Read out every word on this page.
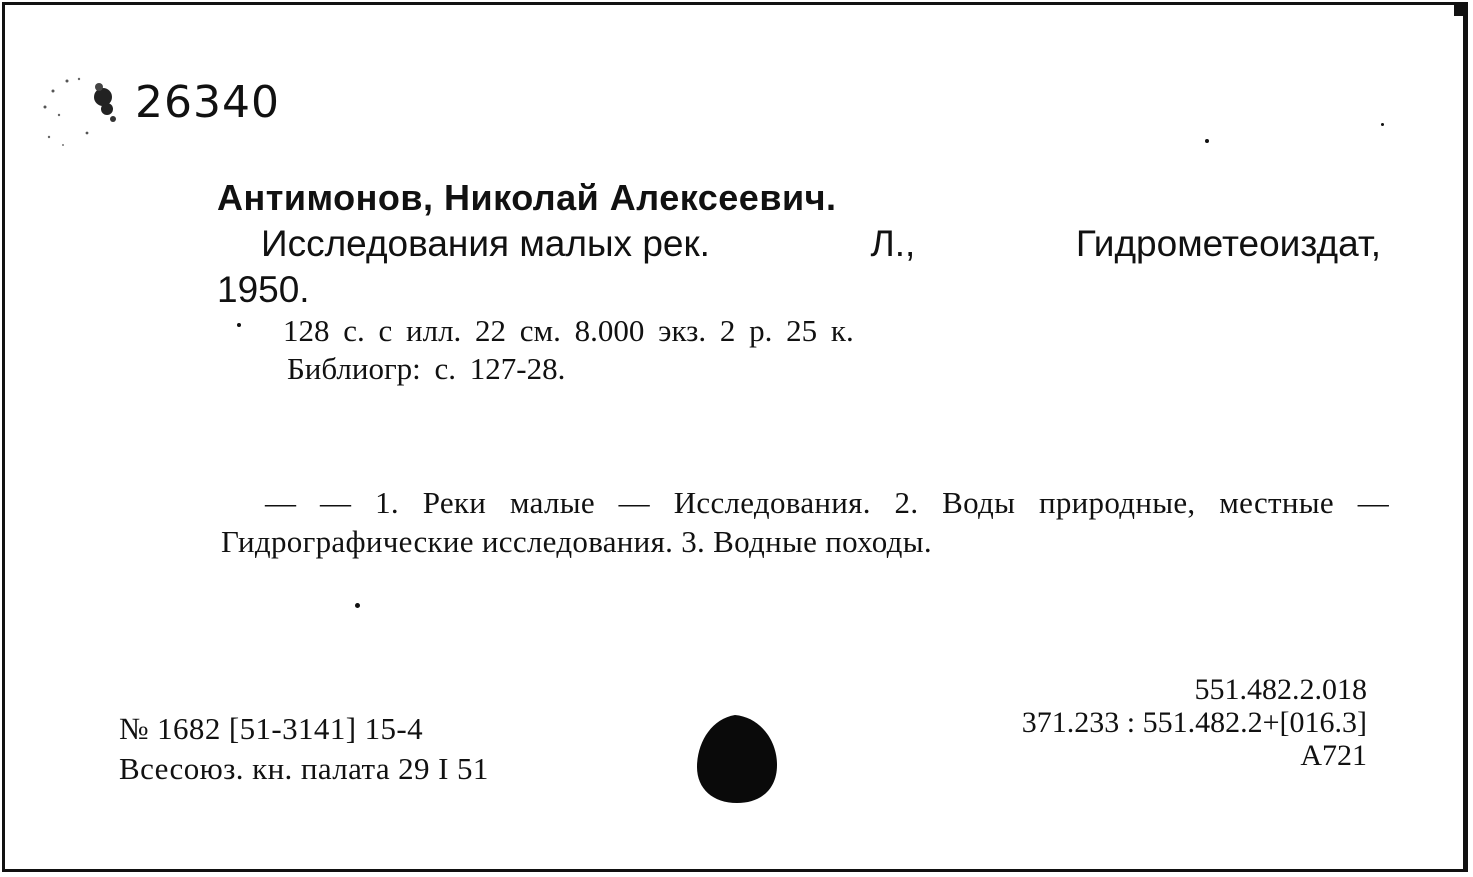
26340
Антимонов, Николай Алексеевич.
Исследования малых рек.	Л.,	Гидрометеоиздат,
1950.
128 с. с илл. 22 см. 8.000 экз. 2 р. 25 к.
Библиогр: с. 127-28.
— — 1. Реки малые — Исследования. 2. Воды природные, местные — Гидрографические исследования. 3. Водные походы.
№ 1682 [51-3141] 15-4
Всесоюз. кн. палата 29 I 51
551.482.2.018
371.233 : 551.482.2+[016.3]
А721
